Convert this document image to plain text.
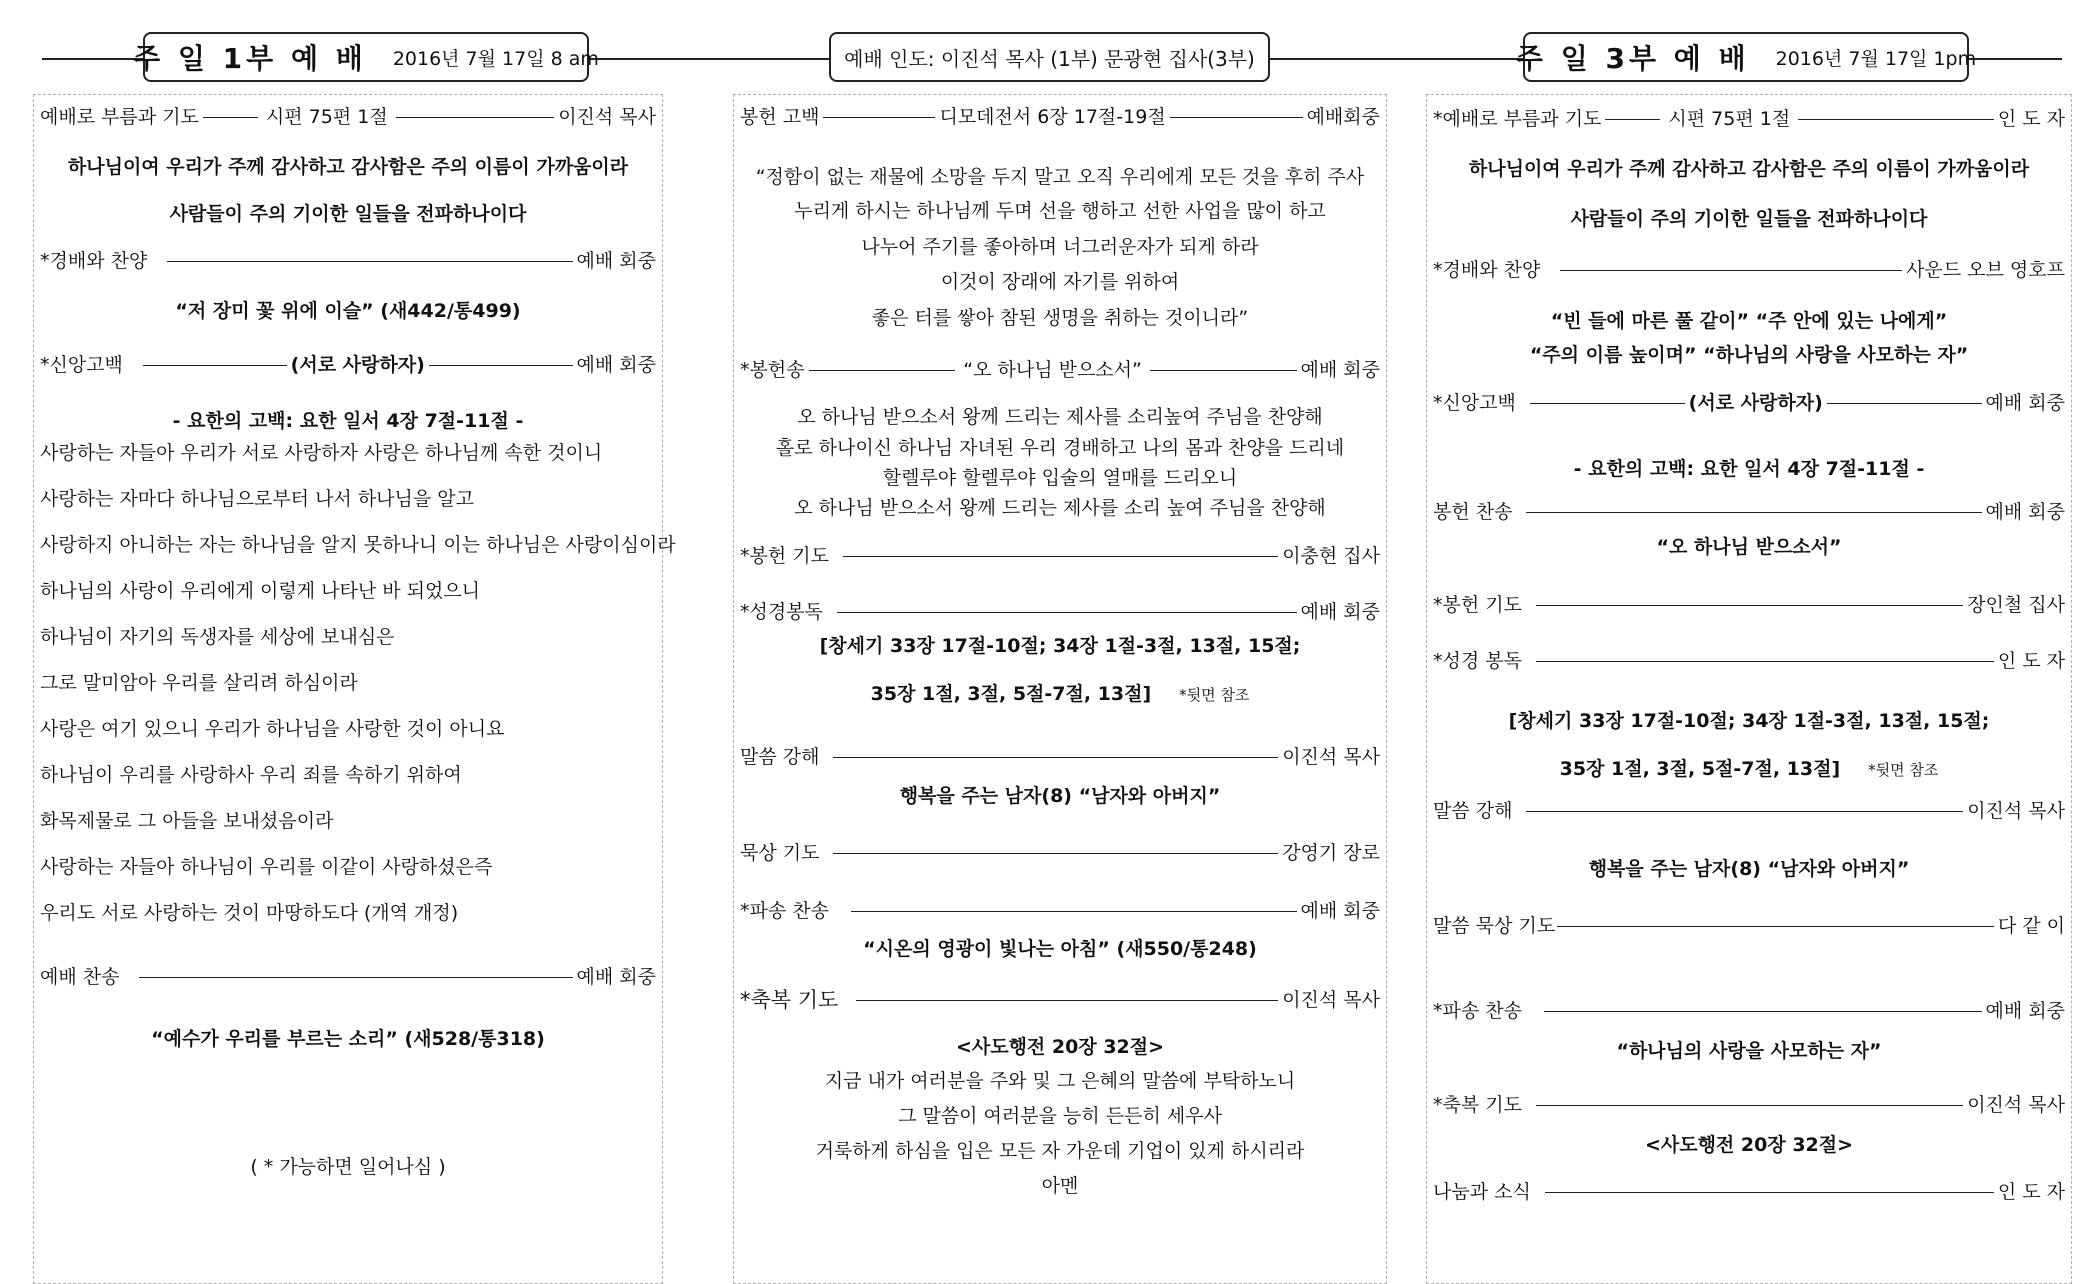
주 일 1부 예 배 2016년 7월 17일 8 am	예배 인도: 이진석 목사 (1부) 문광현 집사(3부)	주 일 3부 예 배 2016년 7월 17일 1pm
예배로 부름과 기도	시편 75편 1절	이진석 목사
하나님이여 우리가 주께 감사하고 감사함은 주의 이름이 가까움이라
사람들이 주의 기이한 일들을 전파하나이다
*경배와 찬양	예배 회중
“저 장미 꽃 위에 이슬” (새442/통499)
*신앙고백	(서로 사랑하자)	예배 회중
- 요한의 고백: 요한 일서 4장 7절-11절 -
사랑하는 자들아 우리가 서로 사랑하자 사랑은 하나님께 속한 것이니
사랑하는 자마다 하나님으로부터 나서 하나님을 알고
사랑하지 아니하는 자는 하나님을 알지 못하나니 이는 하나님은 사랑이심이라
하나님의 사랑이 우리에게 이렇게 나타난 바 되었으니
하나님이 자기의 독생자를 세상에 보내심은
그로 말미암아 우리를 살리려 하심이라
사랑은 여기 있으니 우리가 하나님을 사랑한 것이 아니요
하나님이 우리를 사랑하사 우리 죄를 속하기 위하여
화목제물로 그 아들을 보내셨음이라
사랑하는 자들아 하나님이 우리를 이같이 사랑하셨은즉
우리도 서로 사랑하는 것이 마땅하도다 (개역 개정)
예배 찬송	예배 회중
“예수가 우리를 부르는 소리” (새528/통318)
( * 가능하면 일어나심 )
봉헌 고백	디모데전서 6장 17절-19절	예배회중
“정함이 없는 재물에 소망을 두지 말고 오직 우리에게 모든 것을 후히 주사
누리게 하시는 하나님께 두며 선을 행하고 선한 사업을 많이 하고
나누어 주기를 좋아하며 너그러운자가 되게 하라
이것이 장래에 자기를 위하여
좋은 터를 쌓아 참된 생명을 취하는 것이니라”
*봉헌송	“오 하나님 받으소서”	예배 회중
오 하나님 받으소서 왕께 드리는 제사를 소리높여 주님을 찬양해
홀로 하나이신 하나님 자녀된 우리 경배하고 나의 몸과 찬양을 드리네
할렐루야 할렐루야 입술의 열매를 드리오니
오 하나님 받으소서 왕께 드리는 제사를 소리 높여 주님을 찬양해
*봉헌 기도	이충현 집사
*성경봉독	예배 회중
[창세기 33장 17절-10절; 34장 1절-3절, 13절, 15절;
35장 1절, 3절, 5절-7절, 13절] *뒷면 참조
말씀 강해	이진석 목사
행복을 주는 남자(8) “남자와 아버지”
묵상 기도	강영기 장로
*파송 찬송	예배 회중
“시온의 영광이 빛나는 아침” (새550/통248)
*축복 기도	이진석 목사
<사도행전 20장 32절>
지금 내가 여러분을 주와 및 그 은혜의 말씀에 부탁하노니
그 말씀이 여러분을 능히 든든히 세우사
거룩하게 하심을 입은 모든 자 가운데 기업이 있게 하시리라
아멘
*예배로 부름과 기도	시편 75편 1절	인 도 자
하나님이여 우리가 주께 감사하고 감사함은 주의 이름이 가까움이라
사람들이 주의 기이한 일들을 전파하나이다
*경배와 찬양	사운드 오브 영호프
“빈 들에 마른 풀 같이” “주 안에 있는 나에게”
“주의 이름 높이며” “하나님의 사랑을 사모하는 자”
*신앙고백	(서로 사랑하자)	예배 회중
- 요한의 고백: 요한 일서 4장 7절-11절 -
봉헌 찬송	예배 회중
“오 하나님 받으소서”
*봉헌 기도	장인철 집사
*성경 봉독	인 도 자
[창세기 33장 17절-10절; 34장 1절-3절, 13절, 15절;
35장 1절, 3절, 5절-7절, 13절] *뒷면 참조
말씀 강해	이진석 목사
행복을 주는 남자(8) “남자와 아버지”
말씀 묵상 기도	다 같 이
*파송 찬송	예배 회중
“하나님의 사랑을 사모하는 자”
*축복 기도	이진석 목사
<사도행전 20장 32절>
나눔과 소식	인 도 자
